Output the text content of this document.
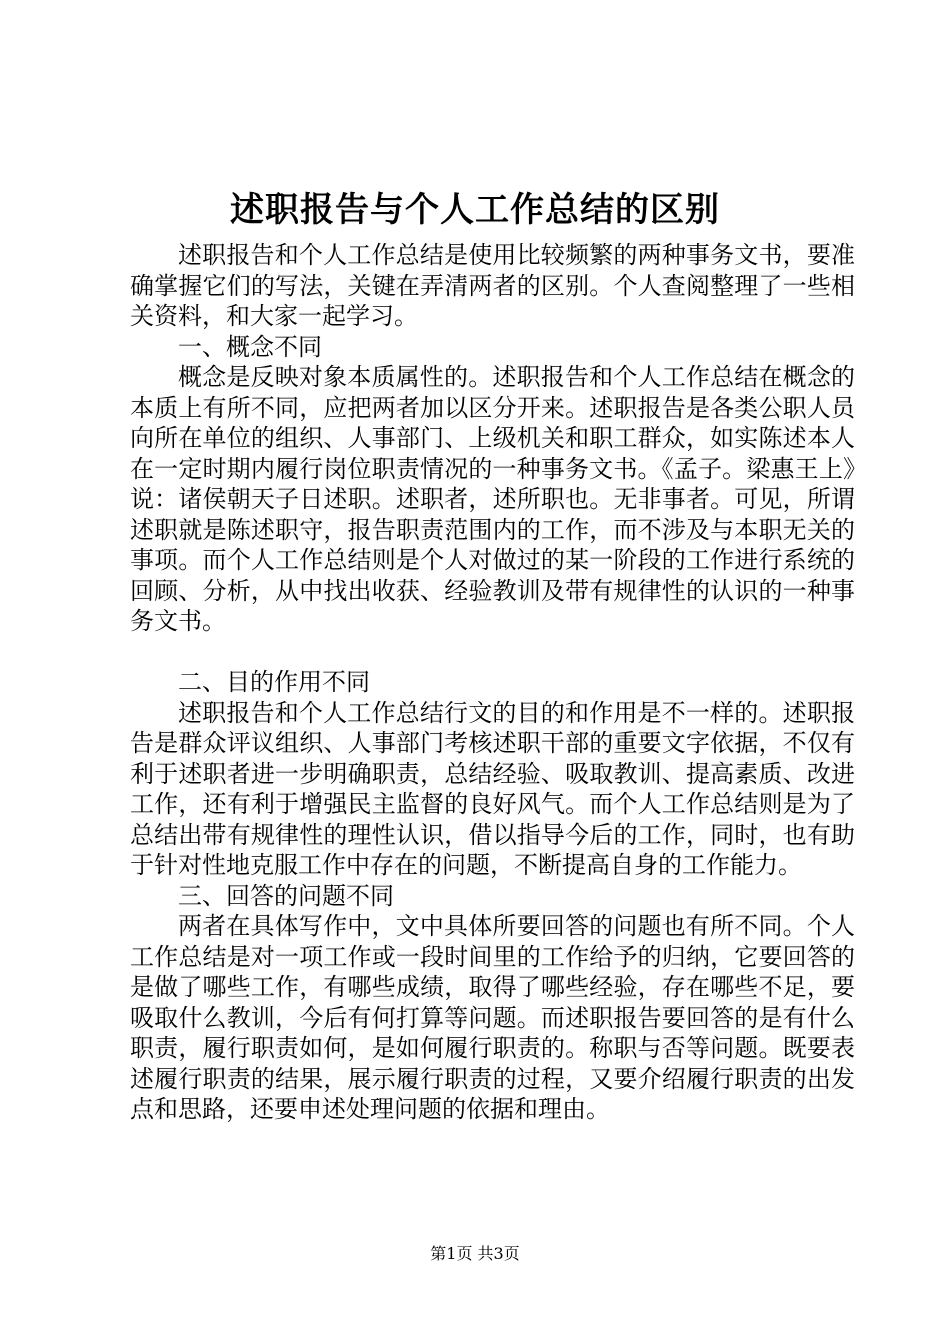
述职报告与个人工作总结的区别

述职报告和个人工作总结是使用比较频繁的两种事务文书，要准确掌握它们的写法，关键在弄清两者的区别。个人查阅整理了一些相关资料，和大家一起学习。

一、概念不同

概念是反映对象本质属性的。述职报告和个人工作总结在概念的本质上有所不同，应把两者加以区分开来。述职报告是各类公职人员向所在单位的组织、人事部门、上级机关和职工群众，如实陈述本人在一定时期内履行岗位职责情况的一种事务文书。《孟子。梁惠王上》说：诸侯朝天子日述职。述职者，述所职也。无非事者。可见，所谓述职就是陈述职守，报告职责范围内的工作，而不涉及与本职无关的事项。而个人工作总结则是个人对做过的某一阶段的工作进行系统的回顾、分析，从中找出收获、经验教训及带有规律性的认识的一种事务文书。

二、目的作用不同

述职报告和个人工作总结行文的目的和作用是不一样的。述职报告是群众评议组织、人事部门考核述职干部的重要文字依据，不仅有利于述职者进一步明确职责，总结经验、吸取教训、提高素质、改进工作，还有利于增强民主监督的良好风气。而个人工作总结则是为了总结出带有规律性的理性认识，借以指导今后的工作，同时，也有助于针对性地克服工作中存在的问题，不断提高自身的工作能力。

三、回答的问题不同

两者在具体写作中，文中具体所要回答的问题也有所不同。个人工作总结是对一项工作或一段时间里的工作给予的归纳，它要回答的是做了哪些工作，有哪些成绩，取得了哪些经验，存在哪些不足，要吸取什么教训，今后有何打算等问题。而述职报告要回答的是有什么职责，履行职责如何，是如何履行职责的。称职与否等问题。既要表述履行职责的结果，展示履行职责的过程，又要介绍履行职责的出发点和思路，还要申述处理问题的依据和理由。

第1页 共3页
